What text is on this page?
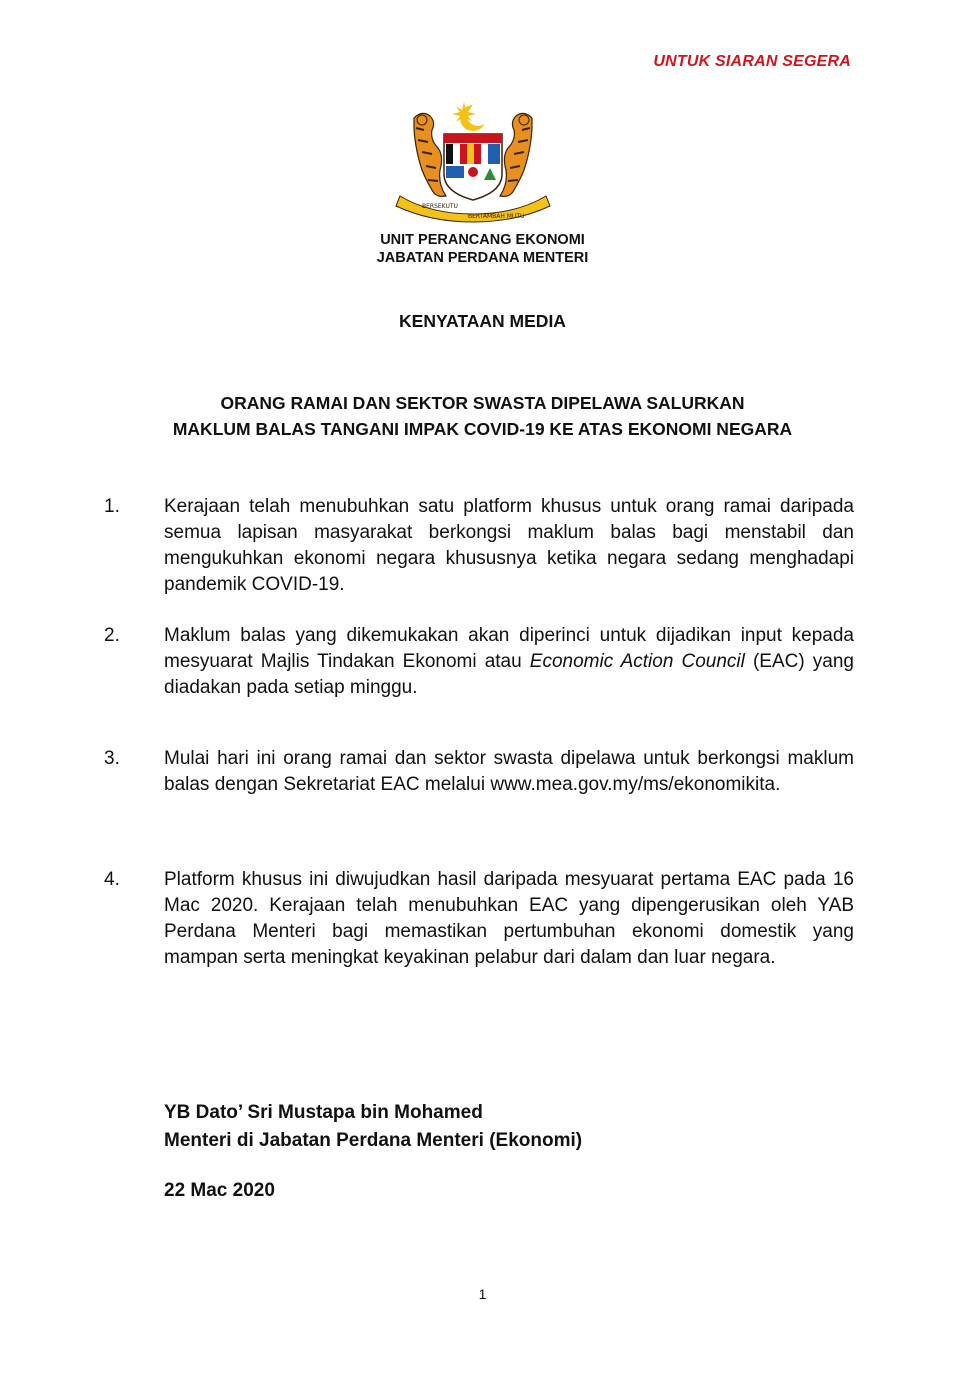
UNTUK SIARAN SEGERA
BERSEKUTU
BERTAMBAH MUTU
UNIT PERANCANG EKONOMI
JABATAN PERDANA MENTERI
KENYATAAN MEDIA
ORANG RAMAI DAN SEKTOR SWASTA DIPELAWA SALURKAN
MAKLUM BALAS TANGANI IMPAK COVID-19 KE ATAS EKONOMI NEGARA
1.	Kerajaan telah menubuhkan satu platform khusus untuk orang ramai daripada semua lapisan masyarakat berkongsi maklum balas bagi menstabil dan mengukuhkan ekonomi negara khususnya ketika negara sedang menghadapi pandemik COVID-19.
2.	Maklum balas yang dikemukakan akan diperinci untuk dijadikan input kepada mesyuarat Majlis Tindakan Ekonomi atau Economic Action Council (EAC) yang diadakan pada setiap minggu.
3.	Mulai hari ini orang ramai dan sektor swasta dipelawa untuk berkongsi maklum balas dengan Sekretariat EAC melalui www.mea.gov.my/ms/ekonomikita.
4.	Platform khusus ini diwujudkan hasil daripada mesyuarat pertama EAC pada 16 Mac 2020. Kerajaan telah menubuhkan EAC yang dipengerusikan oleh YAB Perdana Menteri bagi memastikan pertumbuhan ekonomi domestik yang mampan serta meningkat keyakinan pelabur dari dalam dan luar negara.
YB Dato’ Sri Mustapa bin Mohamed
Menteri di Jabatan Perdana Menteri (Ekonomi)
22 Mac 2020
1
